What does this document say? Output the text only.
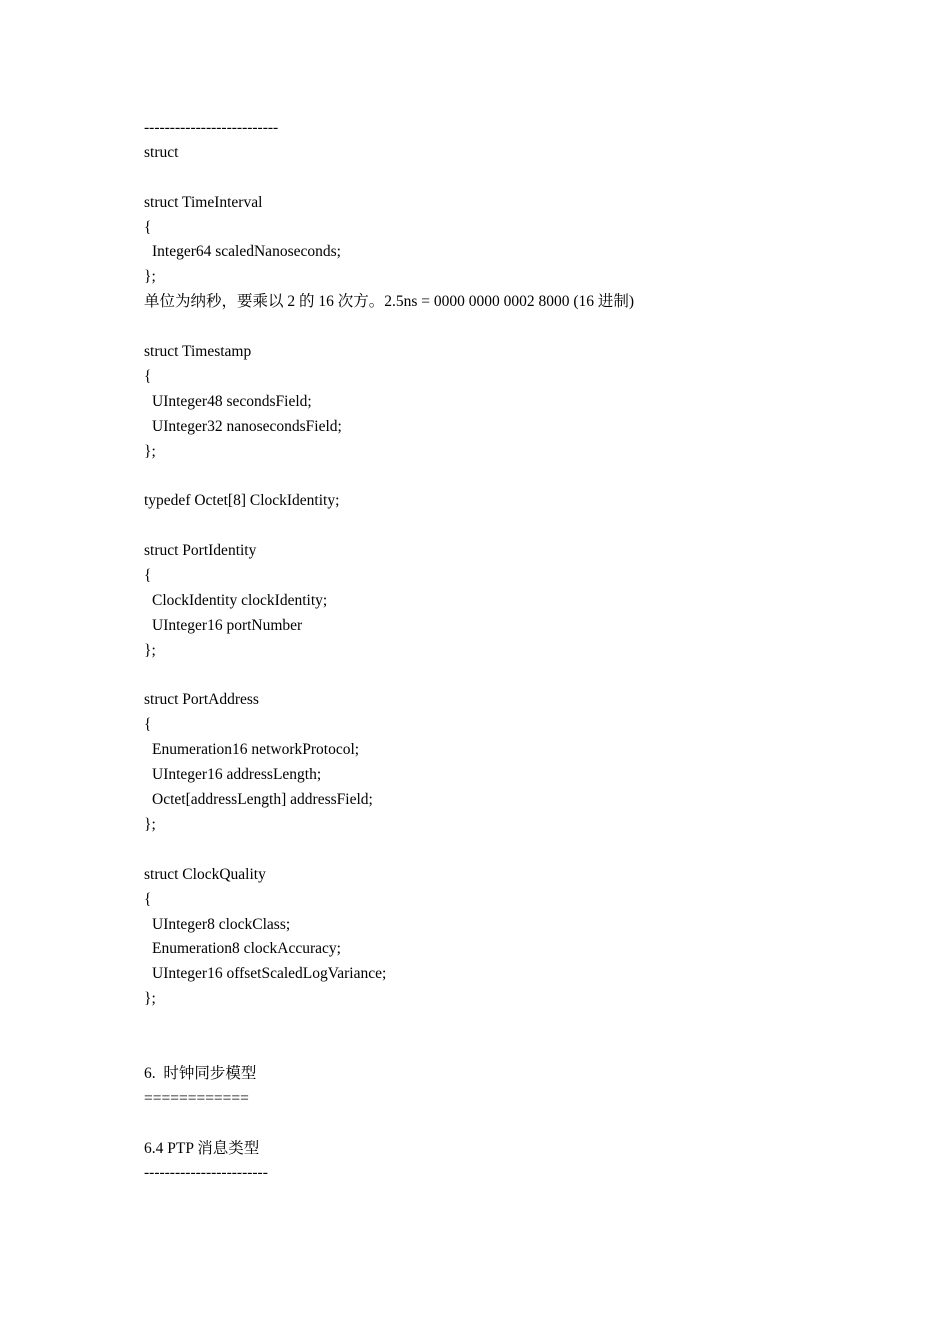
--------------------------
struct
struct TimeInterval
{
Integer64 scaledNanoseconds;
};
单位为纳秒，要乘以 2 的 16 次方。2.5ns = 0000 0000 0002 8000 (16 进制)
struct Timestamp
{
UInteger48 secondsField;
UInteger32 nanosecondsField;
};
typedef Octet[8] ClockIdentity;
struct PortIdentity
{
ClockIdentity clockIdentity;
UInteger16 portNumber
};
struct PortAddress
{
Enumeration16 networkProtocol;
UInteger16 addressLength;
Octet[addressLength] addressField;
};
struct ClockQuality
{
UInteger8 clockClass;
Enumeration8 clockAccuracy;
UInteger16 offsetScaledLogVariance;
};
6.  时钟同步模型
============
6.4 PTP 消息类型
------------------------
